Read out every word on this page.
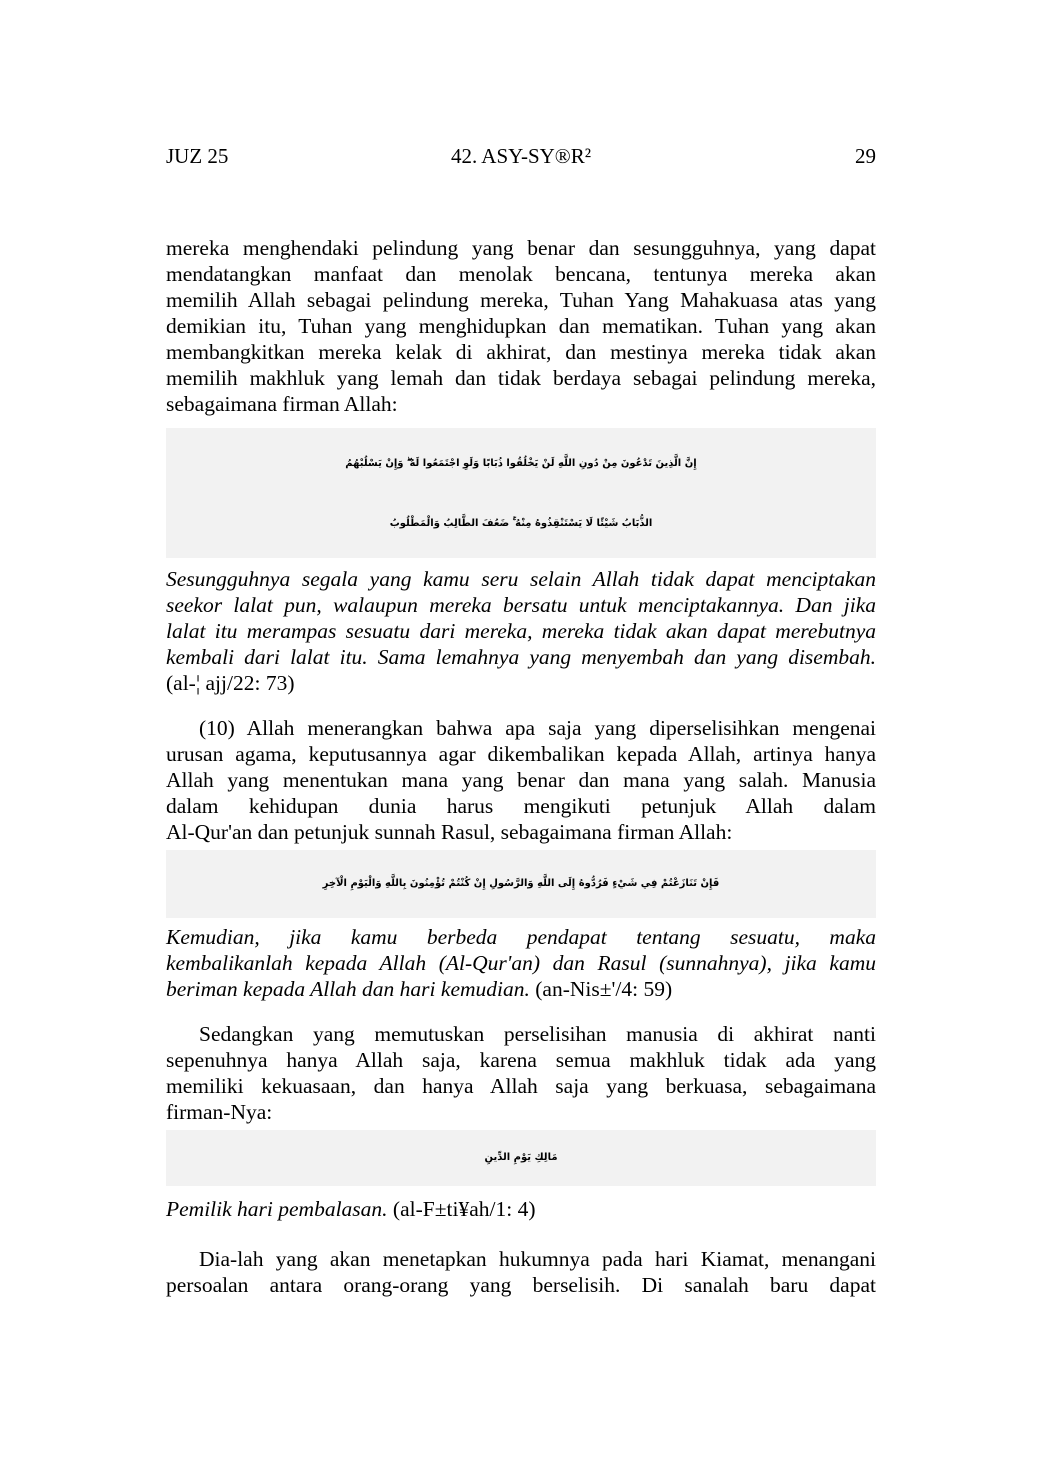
JUZ 25	42. ASY-SY®R²	29
mereka menghendaki pelindung yang benar dan sesungguhnya, yang dapat
mendatangkan manfaat dan menolak bencana, tentunya mereka akan
memilih Allah sebagai pelindung mereka, Tuhan Yang Mahakuasa atas yang
demikian itu, Tuhan yang menghidupkan dan mematikan. Tuhan yang akan
membangkitkan mereka kelak di akhirat, dan mestinya mereka tidak akan
memilih makhluk yang lemah dan tidak berdaya sebagai pelindung mereka,
sebagaimana firman Allah:
إِنَّ الَّذِينَ تَدْعُونَ مِنْ دُونِ اللَّهِ لَنْ يَخْلُقُوا ذُبَابًا وَلَوِ اجْتَمَعُوا لَهُ ۖ وَإِنْ يَسْلُبْهُمُ
الذُّبَابُ شَيْئًا لَا يَسْتَنْقِذُوهُ مِنْهُ ۚ ضَعُفَ الطَّالِبُ وَالْمَطْلُوبُ
Sesungguhnya segala yang kamu seru selain Allah tidak dapat menciptakan
seekor lalat pun, walaupun mereka bersatu untuk menciptakannya. Dan jika
lalat itu merampas sesuatu dari mereka, mereka tidak akan dapat merebutnya
kembali dari lalat itu. Sama lemahnya yang menyembah dan yang disembah.
(al-¦ ajj/22: 73)
(10) Allah menerangkan bahwa apa saja yang diperselisihkan mengenai
urusan agama, keputusannya agar dikembalikan kepada Allah, artinya hanya
Allah yang menentukan mana yang benar dan mana yang salah. Manusia
dalam kehidupan dunia harus mengikuti petunjuk Allah dalam
Al-Qur'an dan petunjuk sunnah Rasul, sebagaimana firman Allah:
فَإِنْ تَنَازَعْتُمْ فِي شَيْءٍ فَرُدُّوهُ إِلَى اللَّهِ وَالرَّسُولِ إِنْ كُنْتُمْ تُؤْمِنُونَ بِاللَّهِ وَالْيَوْمِ الْآخِرِ
Kemudian, jika kamu berbeda pendapat tentang sesuatu, maka
kembalikanlah kepada Allah (Al-Qur'an) dan Rasul (sunnahnya), jika kamu
beriman kepada Allah dan hari kemudian. (an-Nis±'/4: 59)
Sedangkan yang memutuskan perselisihan manusia di akhirat nanti
sepenuhnya hanya Allah saja, karena semua makhluk tidak ada yang
memiliki kekuasaan, dan hanya Allah saja yang berkuasa, sebagaimana
firman-Nya:
مَالِكِ يَوْمِ الدِّينِ
Pemilik hari pembalasan. (al-F±ti¥ah/1: 4)
Dia-lah yang akan menetapkan hukumnya pada hari Kiamat, menangani
persoalan antara orang-orang yang berselisih. Di sanalah baru dapat
